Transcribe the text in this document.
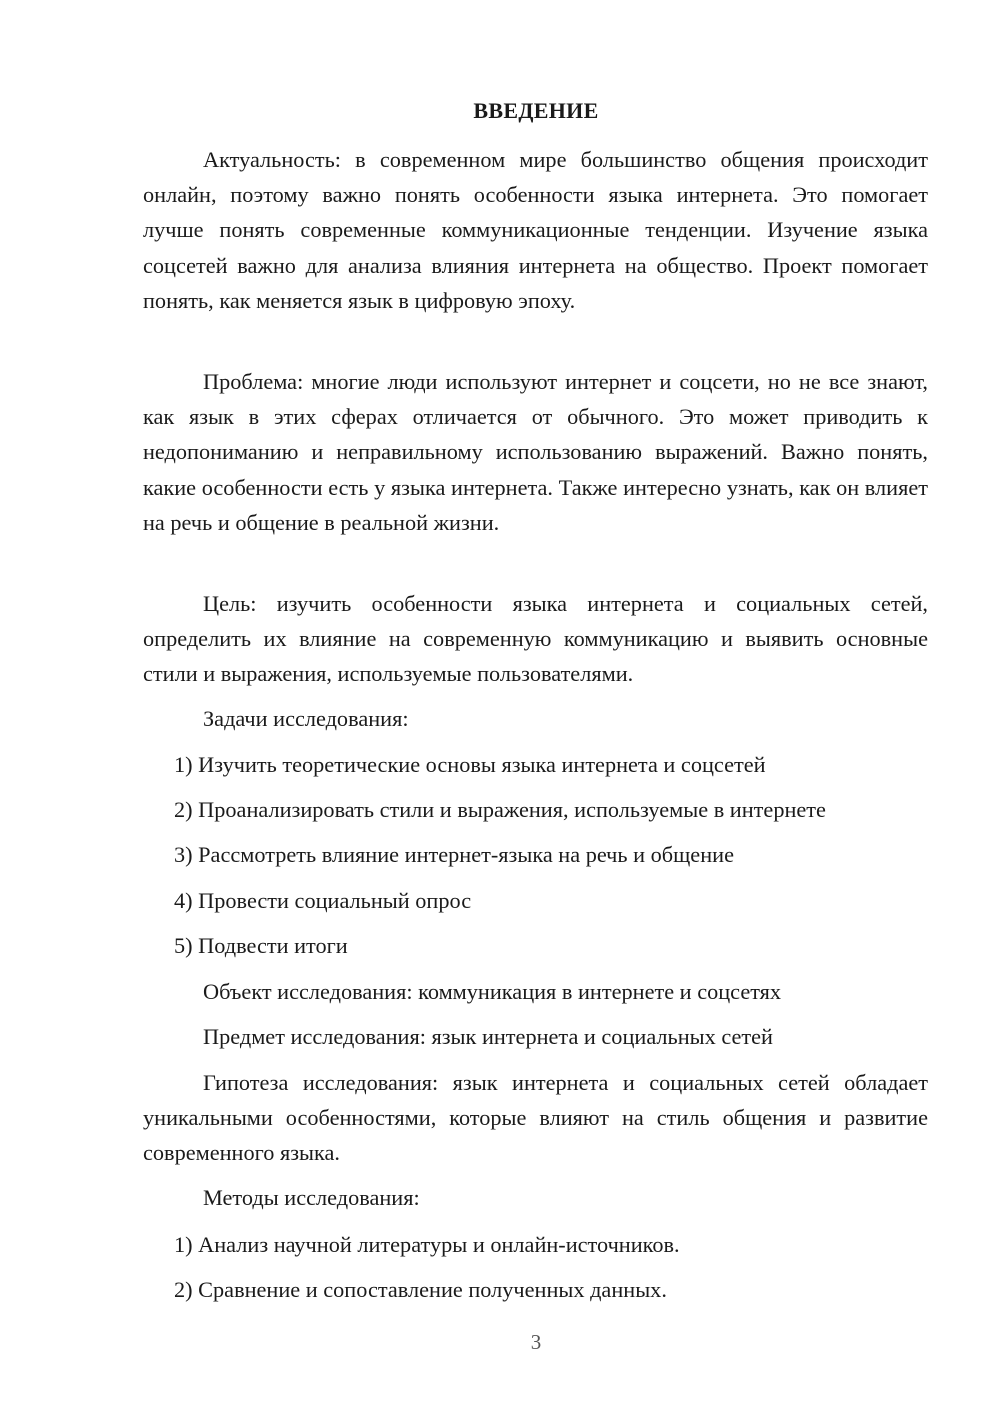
ВВЕДЕНИЕ

Актуальность: в современном мире большинство общения происходит онлайн, поэтому важно понять особенности языка интернета. Это помогает лучше понять современные коммуникационные тенденции. Изучение языка соцсетей важно для анализа влияния интернета на общество. Проект помогает понять, как меняется язык в цифровую эпоху.

Проблема: многие люди используют интернет и соцсети, но не все знают, как язык в этих сферах отличается от обычного. Это может приводить к недопониманию и неправильному использованию выражений. Важно понять, какие особенности есть у языка интернета. Также интересно узнать, как он влияет на речь и общение в реальной жизни.

Цель: изучить особенности языка интернета и социальных сетей, определить их влияние на современную коммуникацию и выявить основные стили и выражения, используемые пользователями.

Задачи исследования:
1) Изучить теоретические основы языка интернета и соцсетей
2) Проанализировать стили и выражения, используемые в интернете
3) Рассмотреть влияние интернет-языка на речь и общение
4) Провести социальный опрос
5) Подвести итоги
Объект исследования: коммуникация в интернете и соцсетях
Предмет исследования: язык интернета и социальных сетей

Гипотеза исследования: язык интернета и социальных сетей обладает уникальными особенностями, которые влияют на стиль общения и развитие современного языка.

Методы исследования:
1) Анализ научной литературы и онлайн-источников.
2) Сравнение и сопоставление полученных данных.
3
